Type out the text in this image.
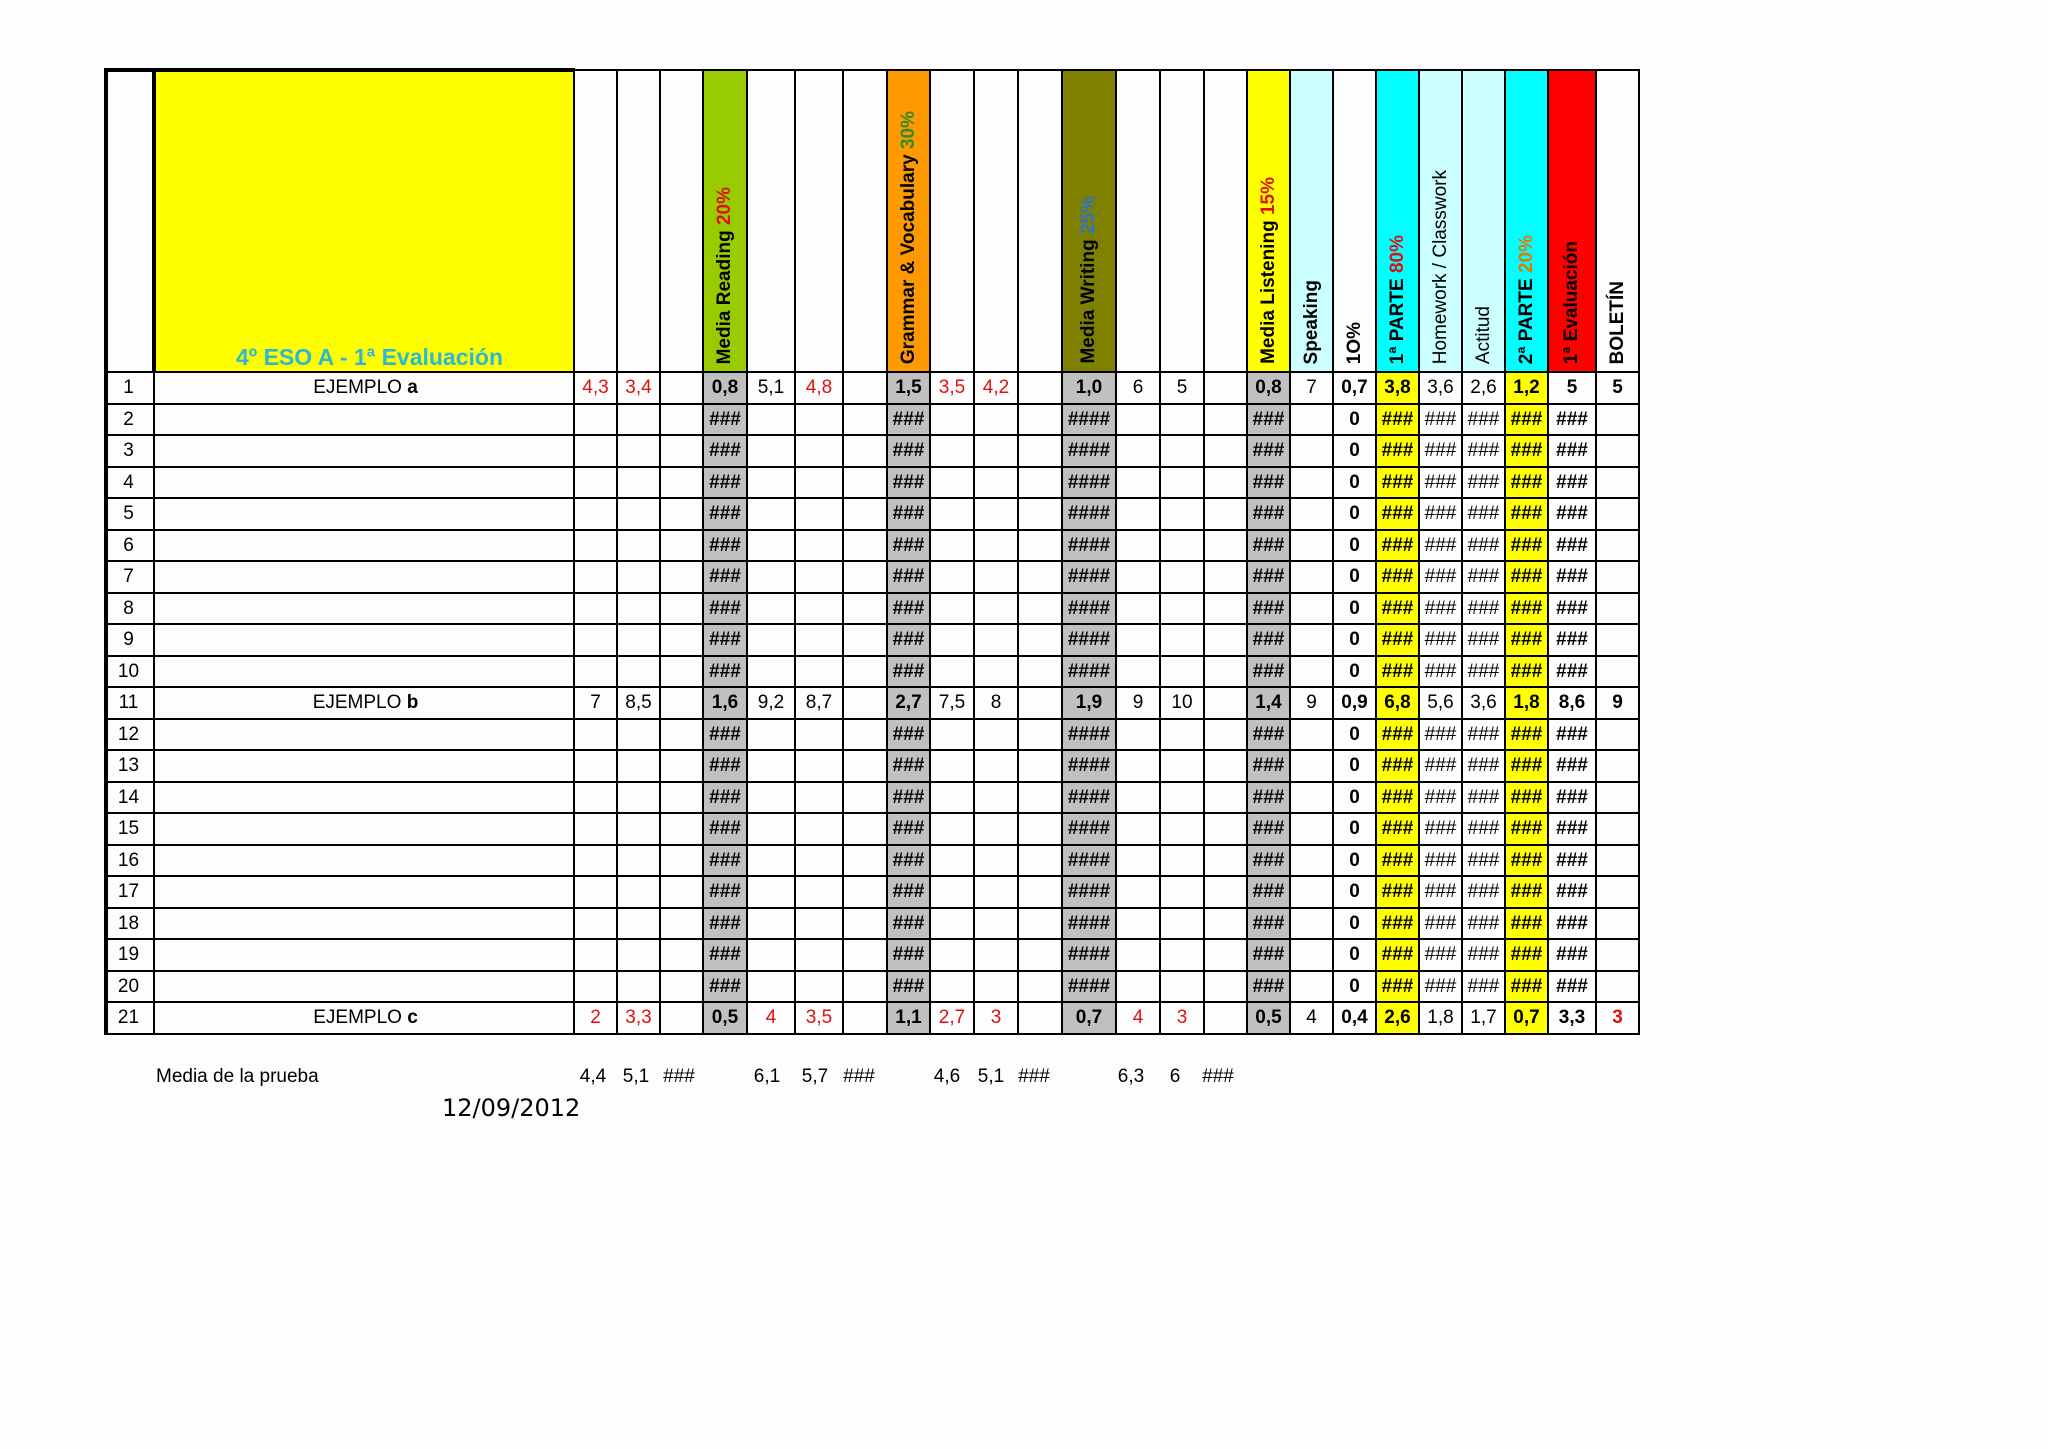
	4º ESO A - 1ª Evaluación				Media Reading 20%				Grammar & Vocabulary 30%				Media Writing 25%				Media Listening 15%	Speaking	1O%	1ª PARTE 80%	Homework / Classwork	Actitud	2ª PARTE 20%	1ª Evaluación	BOLETÍN
1	EJEMPLO a	4,3	3,4		0,8	5,1	4,8		1,5	3,5	4,2		1,0	6	5		0,8	7	0,7	3,8	3,6	2,6	1,2	5	5
2					###				###				####				###		0	###	###	###	###	###	
3					###				###				####				###		0	###	###	###	###	###	
4					###				###				####				###		0	###	###	###	###	###	
5					###				###				####				###		0	###	###	###	###	###	
6					###				###				####				###		0	###	###	###	###	###	
7					###				###				####				###		0	###	###	###	###	###	
8					###				###				####				###		0	###	###	###	###	###	
9					###				###				####				###		0	###	###	###	###	###	
10					###				###				####				###		0	###	###	###	###	###	
11	EJEMPLO b	7	8,5		1,6	9,2	8,7		2,7	7,5	8		1,9	9	10		1,4	9	0,9	6,8	5,6	3,6	1,8	8,6	9
12					###				###				####				###		0	###	###	###	###	###	
13					###				###				####				###		0	###	###	###	###	###	
14					###				###				####				###		0	###	###	###	###	###	
15					###				###				####				###		0	###	###	###	###	###	
16					###				###				####				###		0	###	###	###	###	###	
17					###				###				####				###		0	###	###	###	###	###	
18					###				###				####				###		0	###	###	###	###	###	
19					###				###				####				###		0	###	###	###	###	###	
20					###				###				####				###		0	###	###	###	###	###	
21	EJEMPLO c	2	3,3		0,5	4	3,5		1,1	2,7	3		0,7	4	3		0,5	4	0,4	2,6	1,8	1,7	0,7	3,3	3
Media de la prueba	4,4 5,1 ###	6,1	5,7 ###	4,6 5,1 ###	6,3	6	###
12/09/2012
